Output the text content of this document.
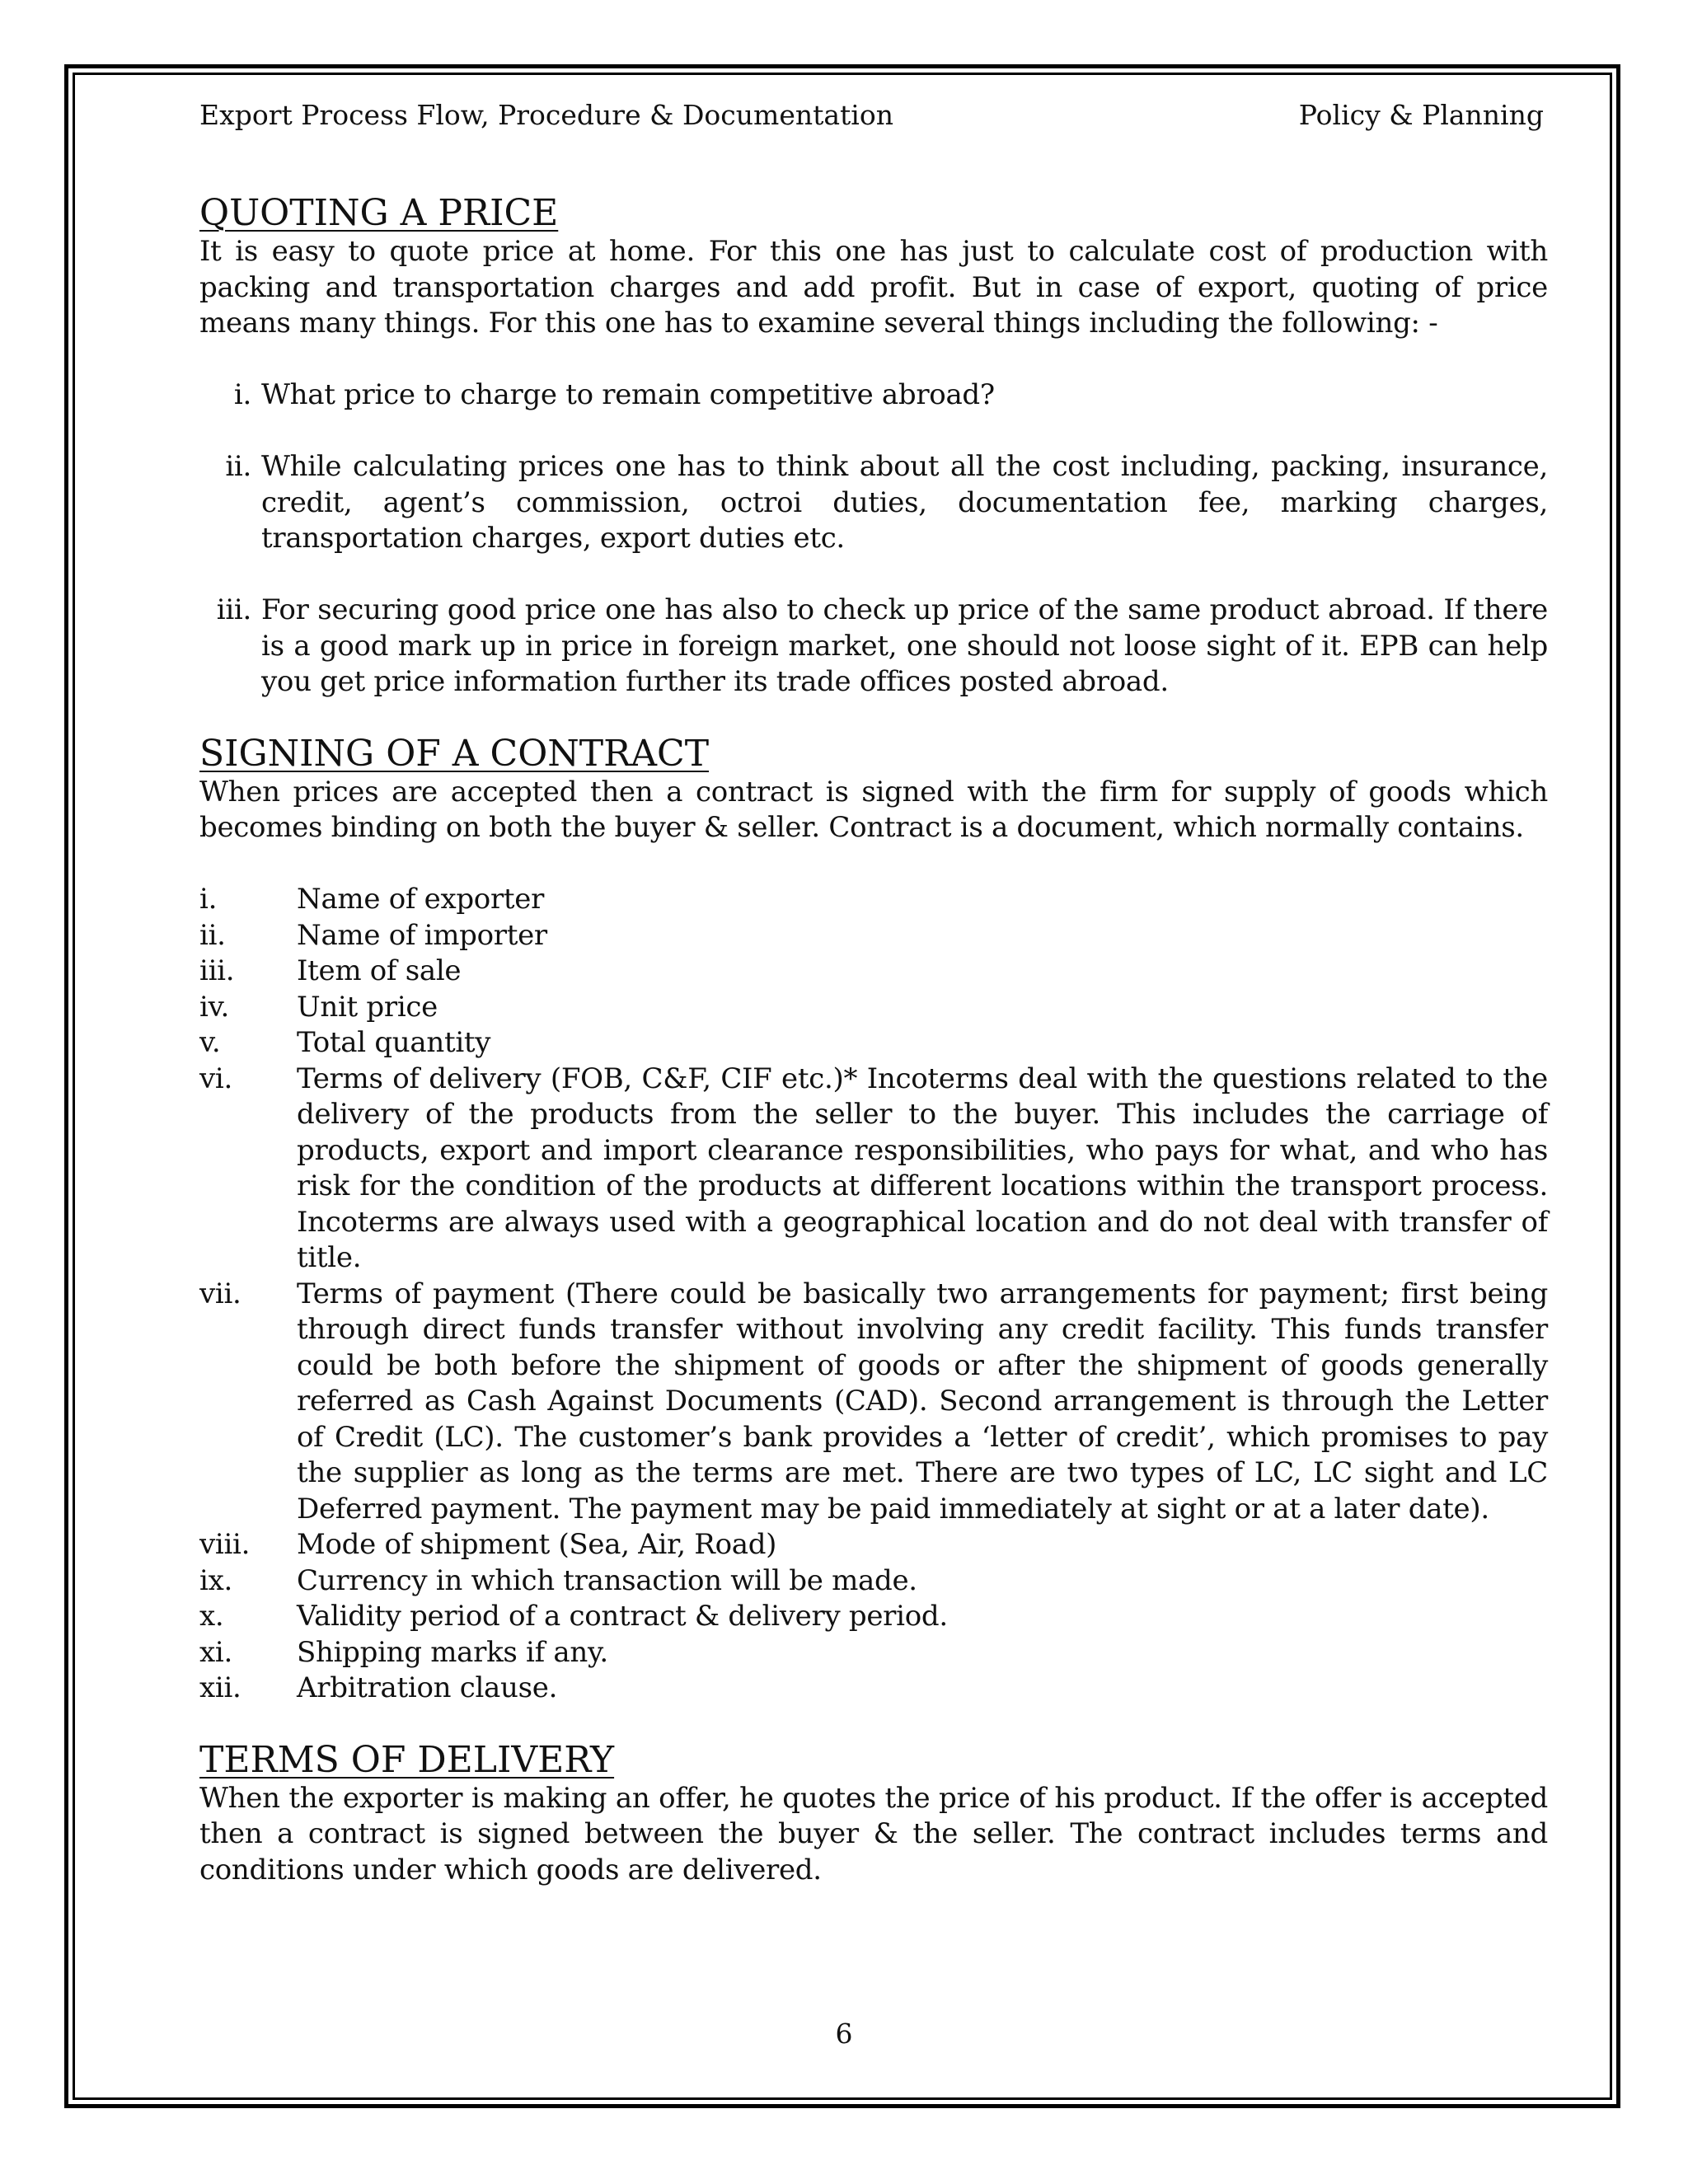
Export Process Flow, Procedure & Documentation	Policy & Planning
QUOTING A PRICE

It is easy to quote price at home. For this one has just to calculate cost of production with packing and transportation charges and add profit. But in case of export, quoting of price means many things. For this one has to examine several things including the following: -

i. What price to charge to remain competitive abroad?
ii. While calculating prices one has to think about all the cost including, packing, insurance, credit, agent’s commission, octroi duties, documentation fee, marking charges, transportation charges, export duties etc.
iii. For securing good price one has also to check up price of the same product abroad. If there is a good mark up in price in foreign market, one should not loose sight of it. EPB can help you get price information further its trade offices posted abroad.
SIGNING OF A CONTRACT

When prices are accepted then a contract is signed with the firm for supply of goods which becomes binding on both the buyer & seller. Contract is a document, which normally contains.

i.	Name of exporter
ii.	Name of importer
iii.	Item of sale
iv.	Unit price
v.	Total quantity
vi.	Terms of delivery (FOB, C&F, CIF etc.)* Incoterms deal with the questions related to the delivery of the products from the seller to the buyer. This includes the carriage of products, export and import clearance responsibilities, who pays for what, and who has risk for the condition of the products at different locations within the transport process. Incoterms are always used with a geographical location and do not deal with transfer of title.
vii.	Terms of payment (There could be basically two arrangements for payment; first being through direct funds transfer without involving any credit facility. This funds transfer could be both before the shipment of goods or after the shipment of goods generally referred as Cash Against Documents (CAD). Second arrangement is through the Letter of Credit (LC). The customer’s bank provides a ‘letter of credit’, which promises to pay the supplier as long as the terms are met. There are two types of LC, LC sight and LC Deferred payment. The payment may be paid immediately at sight or at a later date).
viii.	Mode of shipment (Sea, Air, Road)
ix.	Currency in which transaction will be made.
x.	Validity period of a contract & delivery period.
xi.	Shipping marks if any.
xii.	Arbitration clause.
TERMS OF DELIVERY

When the exporter is making an offer, he quotes the price of his product. If the offer is accepted then a contract is signed between the buyer & the seller. The contract includes terms and conditions under which goods are delivered.

6
